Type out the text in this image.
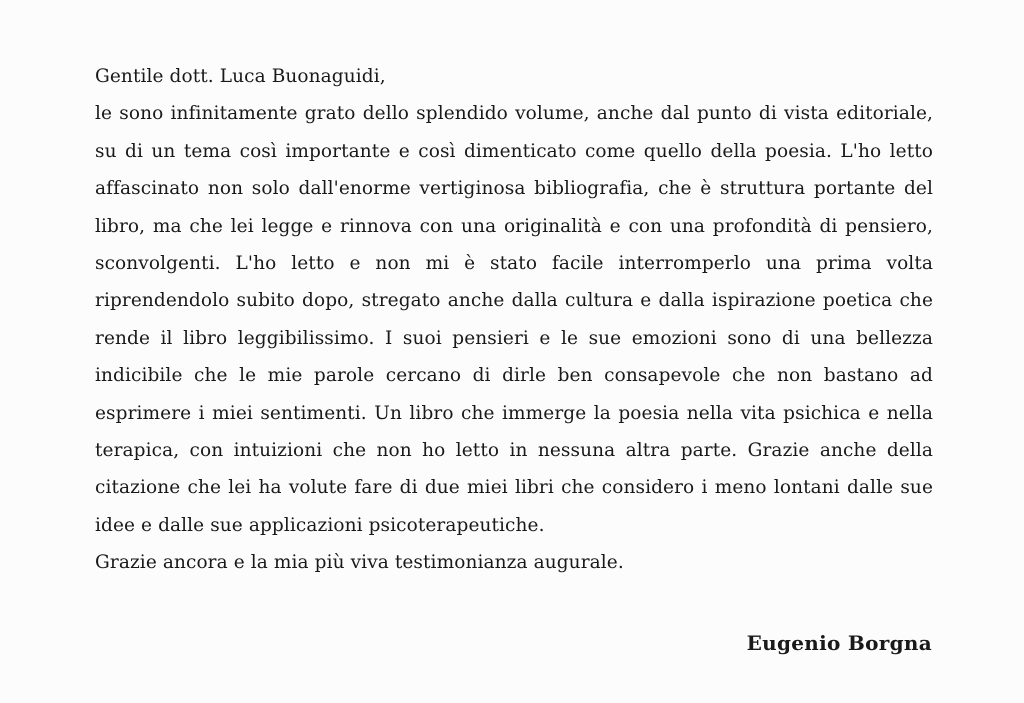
Gentile dott. Luca Buonaguidi,
le sono infinitamente grato dello splendido volume, anche dal punto di vista editoriale,
su di un tema così importante e così dimenticato come quello della poesia. L'ho letto
affascinato non solo dall'enorme vertiginosa bibliografia, che è struttura portante del
libro, ma che lei legge e rinnova con una originalità e con una profondità di pensiero,
sconvolgenti. L'ho letto e non mi è stato facile interromperlo una prima volta
riprendendolo subito dopo, stregato anche dalla cultura e dalla ispirazione poetica che
rende il libro leggibilissimo. I suoi pensieri e le sue emozioni sono di una bellezza
indicibile che le mie parole cercano di dirle ben consapevole che non bastano ad
esprimere i miei sentimenti. Un libro che immerge la poesia nella vita psichica e nella
terapica, con intuizioni che non ho letto in nessuna altra parte. Grazie anche della
citazione che lei ha volute fare di due miei libri che considero i meno lontani dalle sue
idee e dalle sue applicazioni psicoterapeutiche.
Grazie ancora e la mia più viva testimonianza augurale.
Eugenio Borgna
